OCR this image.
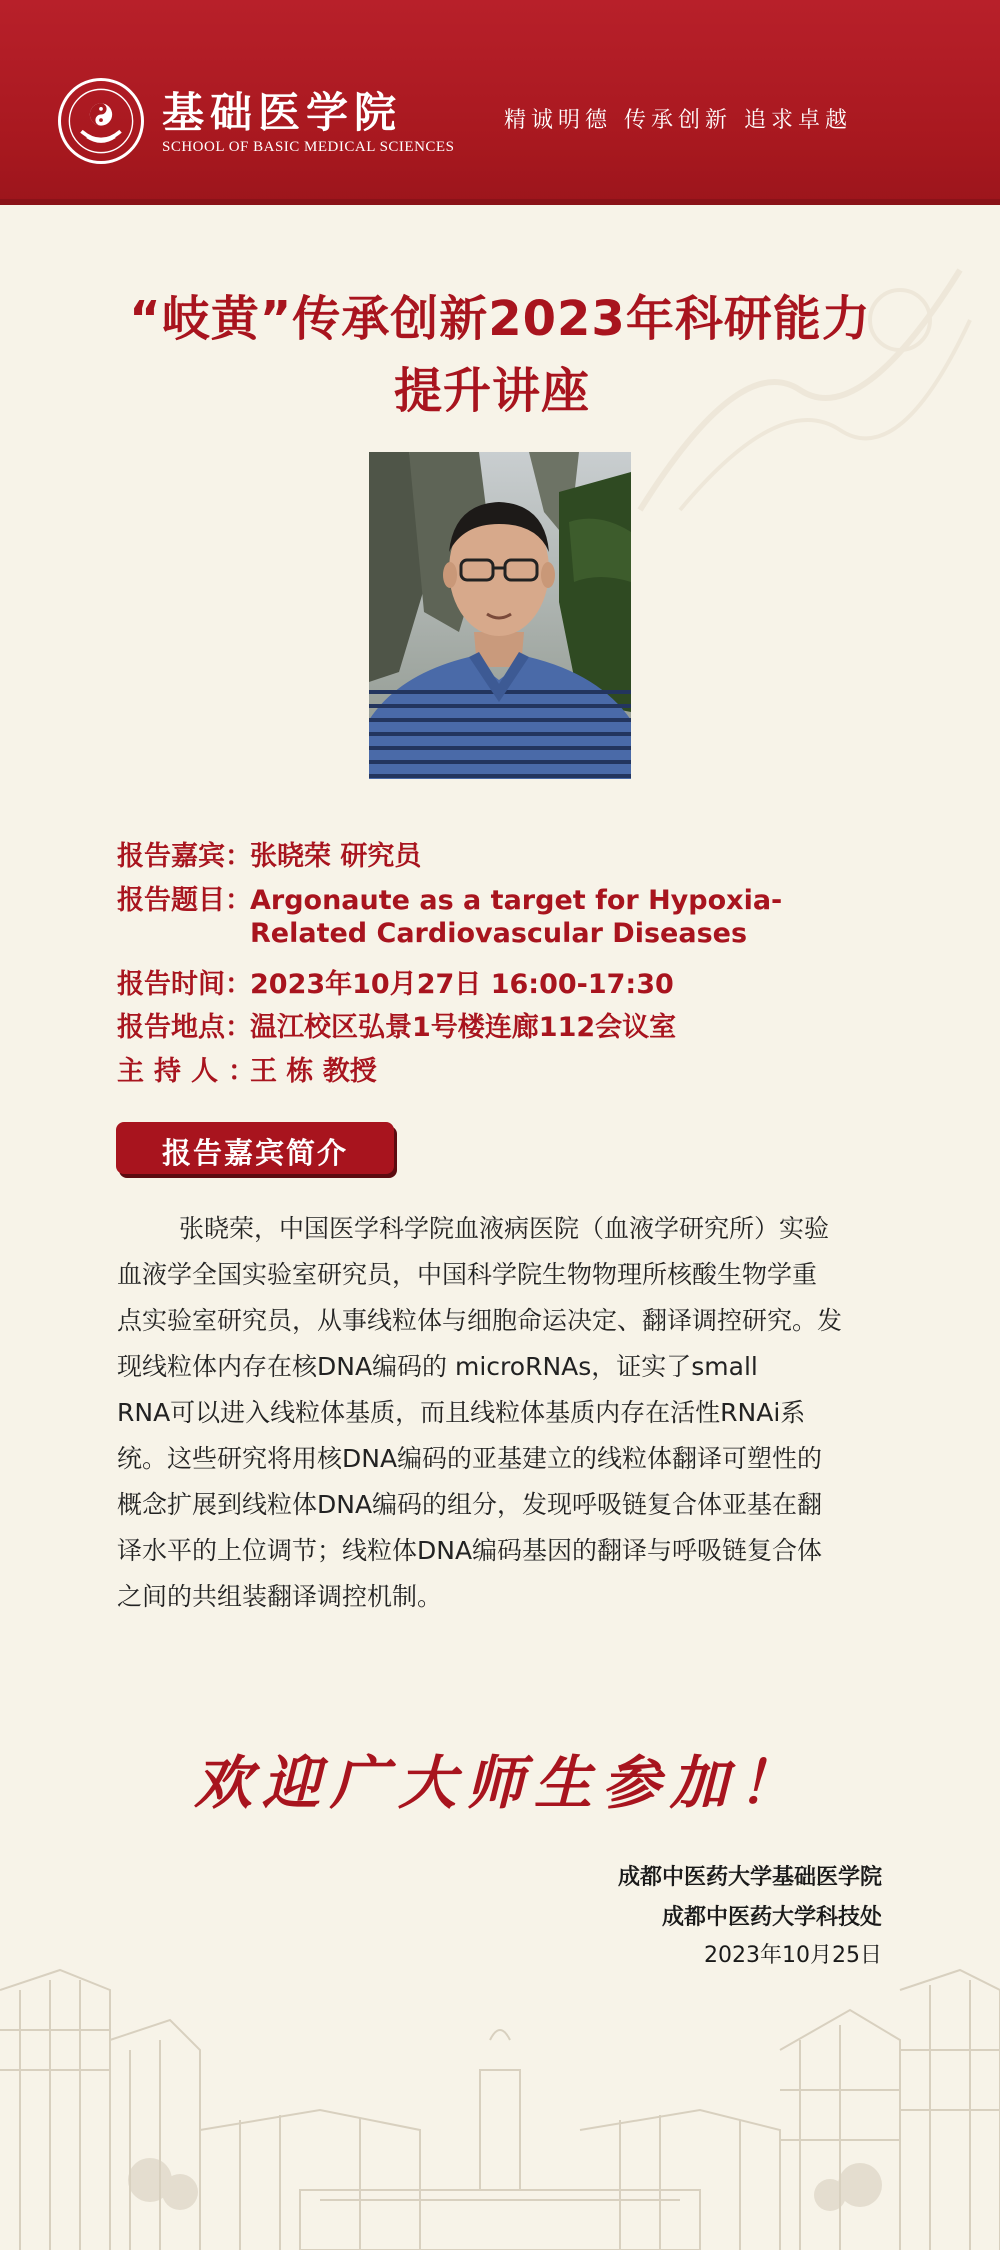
基础医学院
SCHOOL OF BASIC MEDICAL SCIENCES
精诚明德 传承创新 追求卓越
“岐黄”传承创新2023年科研能力
提升讲座
报告嘉宾：张晓荣 研究员
报告题目：Argonaute as a target for Hypoxia-
Related Cardiovascular Diseases
报告时间：2023年10月27日 16:00-17:30
报告地点：温江校区弘景1号楼连廊112会议室
主持人：王 栋 教授
报告嘉宾简介
张晓荣，中国医学科学院血液病医院（血液学研究所）实验
血液学全国实验室研究员，中国科学院生物物理所核酸生物学重
点实验室研究员，从事线粒体与细胞命运决定、翻译调控研究。发
现线粒体内存在核DNA编码的 microRNAs，证实了small
RNA可以进入线粒体基质，而且线粒体基质内存在活性RNAi系
统。这些研究将用核DNA编码的亚基建立的线粒体翻译可塑性的
概念扩展到线粒体DNA编码的组分，发现呼吸链复合体亚基在翻
译水平的上位调节；线粒体DNA编码基因的翻译与呼吸链复合体
之间的共组装翻译调控机制。
欢迎广大师生参加！
成都中医药大学基础医学院
成都中医药大学科技处
2023年10月25日
